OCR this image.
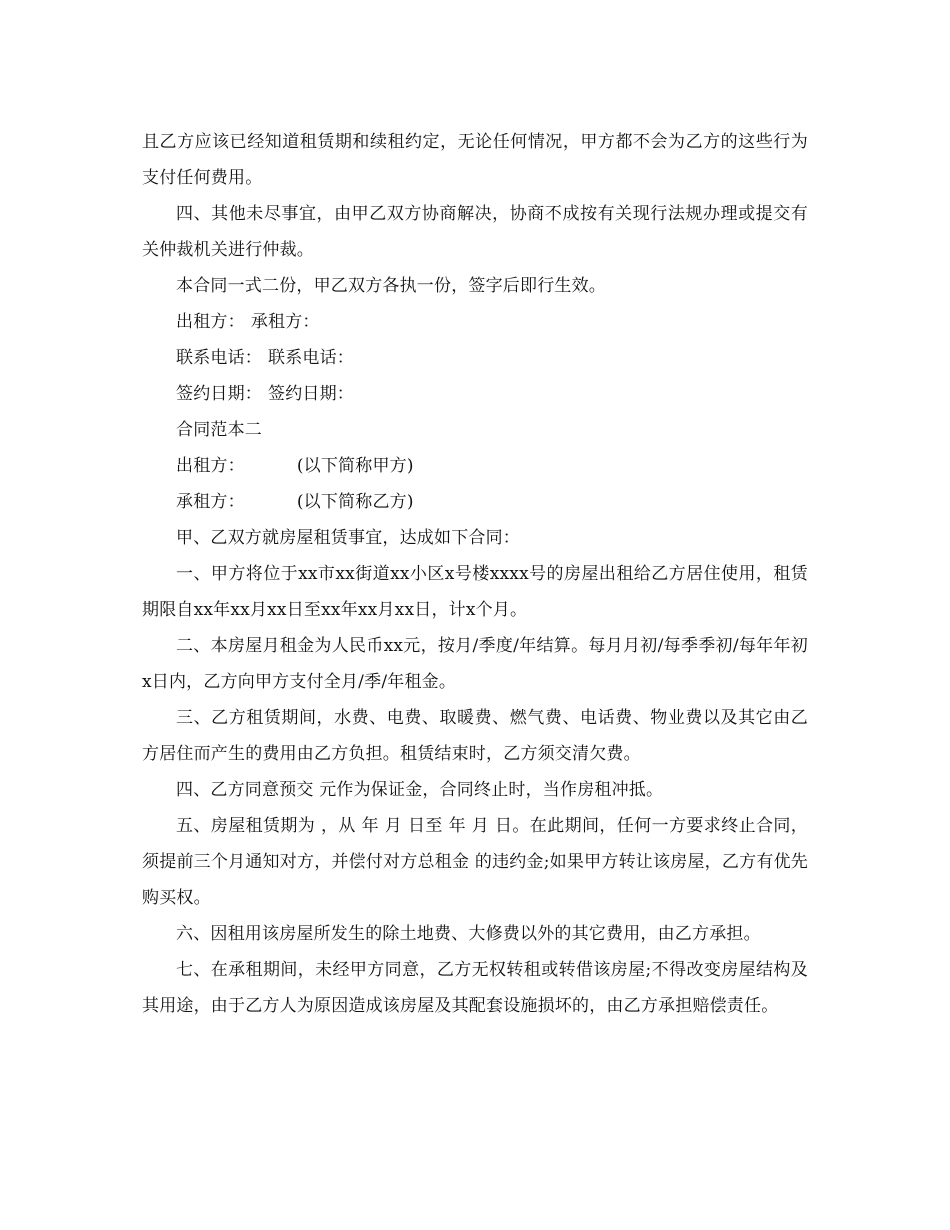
且乙方应该已经知道租赁期和续租约定，无论任何情况，甲方都不会为乙方的这些行为支付任何费用。

四、其他未尽事宜，由甲乙双方协商解决，协商不成按有关现行法规办理或提交有关仲裁机关进行仲裁。

本合同一式二份，甲乙双方各执一份，签字后即行生效。

出租方： 承租方：

联系电话： 联系电话：

签约日期： 签约日期：

合同范本二

出租方：	(以下简称甲方)

承租方：	(以下简称乙方)

甲、乙双方就房屋租赁事宜，达成如下合同：

一、甲方将位于xx市xx街道xx小区x号楼xxxx号的房屋出租给乙方居住使用，租赁期限自xx年xx月xx日至xx年xx月xx日，计x个月。

二、本房屋月租金为人民币xx元，按月/季度/年结算。每月月初/每季季初/每年年初x日内，乙方向甲方支付全月/季/年租金。

三、乙方租赁期间，水费、电费、取暖费、燃气费、电话费、物业费以及其它由乙方居住而产生的费用由乙方负担。租赁结束时，乙方须交清欠费。

四、乙方同意预交 元作为保证金，合同终止时，当作房租冲抵。

五、房屋租赁期为 ，从 年 月 日至 年 月 日。在此期间，任何一方要求终止合同，须提前三个月通知对方，并偿付对方总租金 的违约金;如果甲方转让该房屋，乙方有优先购买权。

六、因租用该房屋所发生的除土地费、大修费以外的其它费用，由乙方承担。

七、在承租期间，未经甲方同意，乙方无权转租或转借该房屋;不得改变房屋结构及其用途，由于乙方人为原因造成该房屋及其配套设施损坏的，由乙方承担赔偿责任。
